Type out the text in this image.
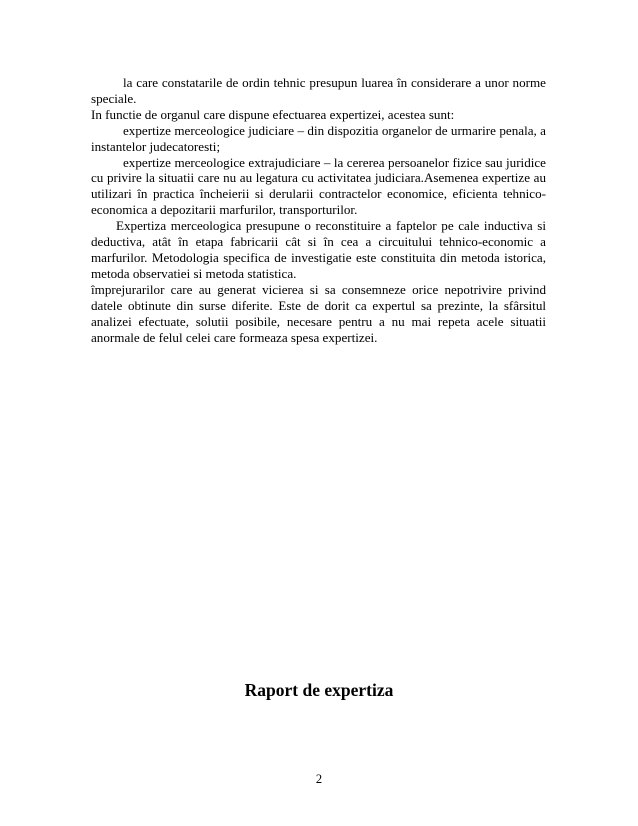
la care constatarile de ordin tehnic presupun luarea în considerare a unor norme speciale.

In functie de organul care dispune efectuarea expertizei, acestea sunt:

expertize merceologice judiciare – din dispozitia organelor de urmarire penala, a instantelor judecatoresti;

expertize merceologice extrajudiciare – la cererea persoanelor fizice sau juridice cu privire la situatii care nu au legatura cu activitatea judiciara.Asemenea expertize au utilizari în practica încheierii si derularii contractelor economice, eficienta tehnico-economica a depozitarii marfurilor, transporturilor.

Expertiza merceologica presupune o reconstituire a faptelor pe cale inductiva si deductiva, atât în etapa fabricarii cât si în cea a circuitului tehnico-economic a marfurilor. Metodologia specifica de investigatie este constituita din metoda istorica, metoda observatiei si metoda statistica.

împrejurarilor care au generat vicierea si sa consemneze orice nepotrivire privind datele obtinute din surse diferite. Este de dorit ca expertul sa prezinte, la sfârsitul analizei efectuate, solutii posibile, necesare pentru a nu mai repeta acele situatii anormale de felul celei care formeaza spesa expertizei.

Raport de expertiza
2
